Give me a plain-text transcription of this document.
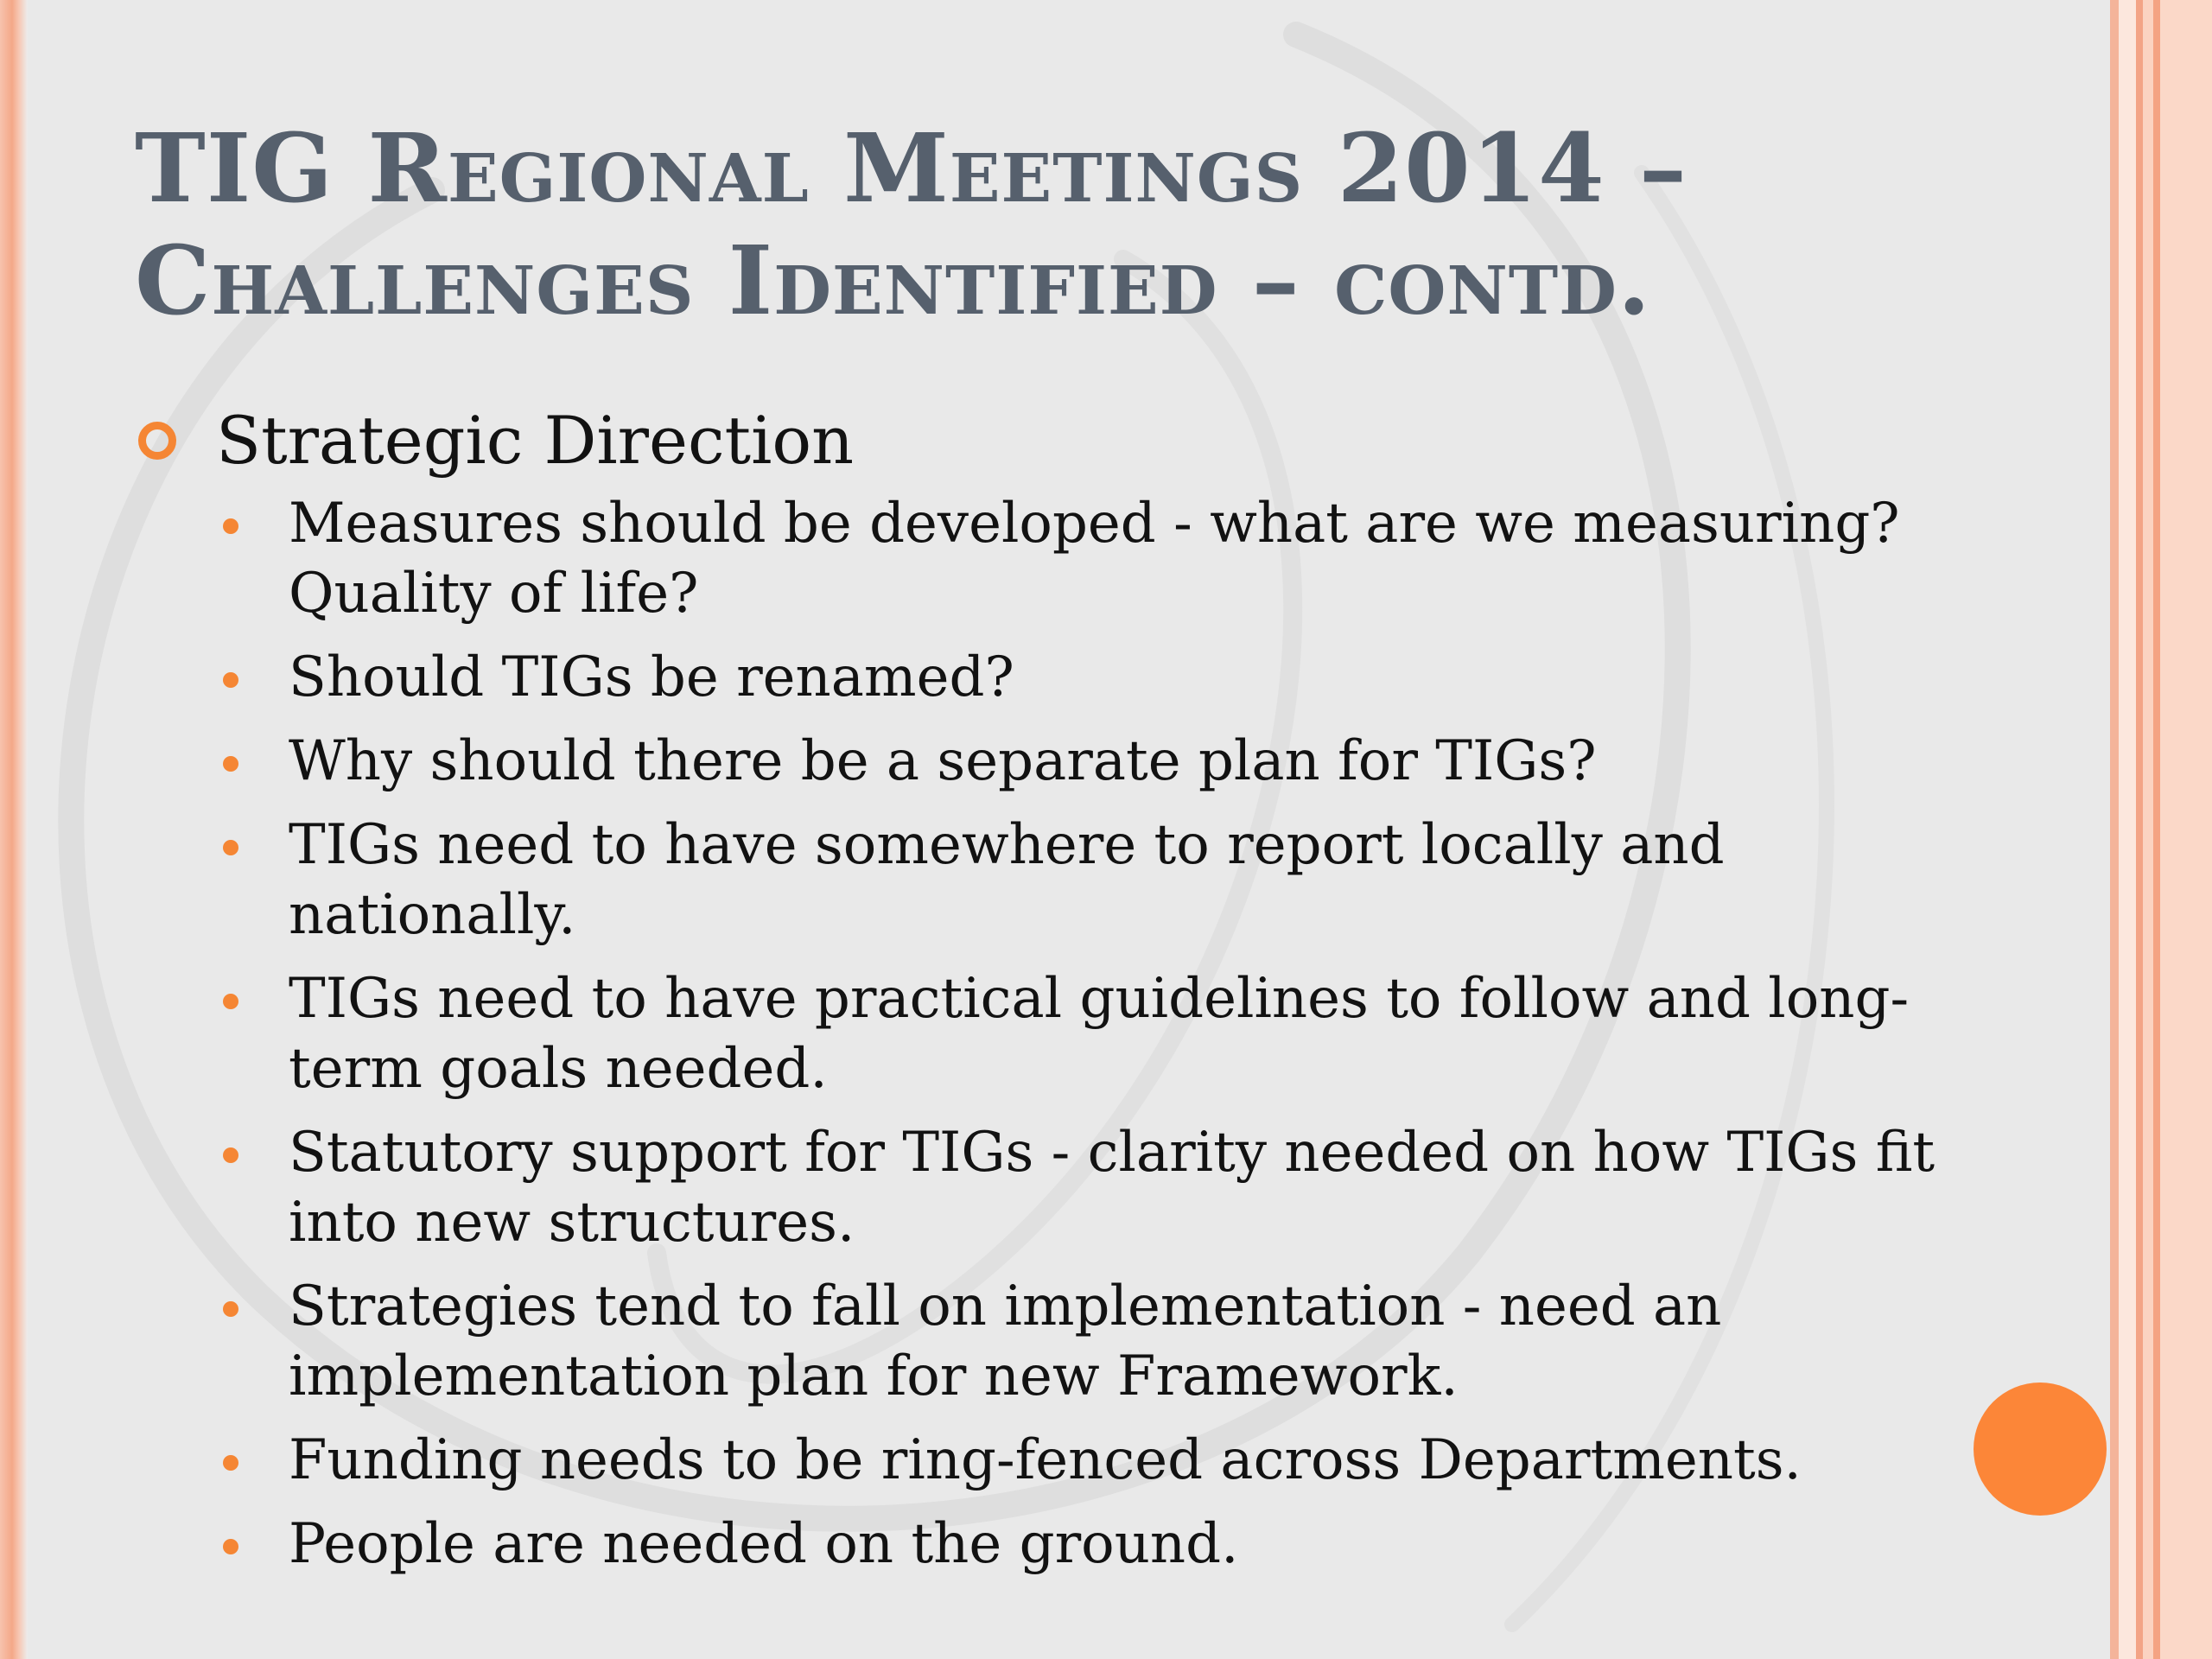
TIG Regional Meetings 2014 –
Challenges Identified – contd.
Strategic Direction
Measures should be developed - what are we measuring? Quality of life?
Should TIGs be renamed?
Why should there be a separate plan for TIGs?
TIGs need to have somewhere to report locally and nationally.
TIGs need to have practical guidelines to follow and long-term goals needed.
Statutory support for TIGs - clarity needed on how TIGs fit into new structures.
Strategies tend to fall on implementation - need an implementation plan for new Framework.
Funding needs to be ring-fenced across Departments.
People are needed on the ground.
